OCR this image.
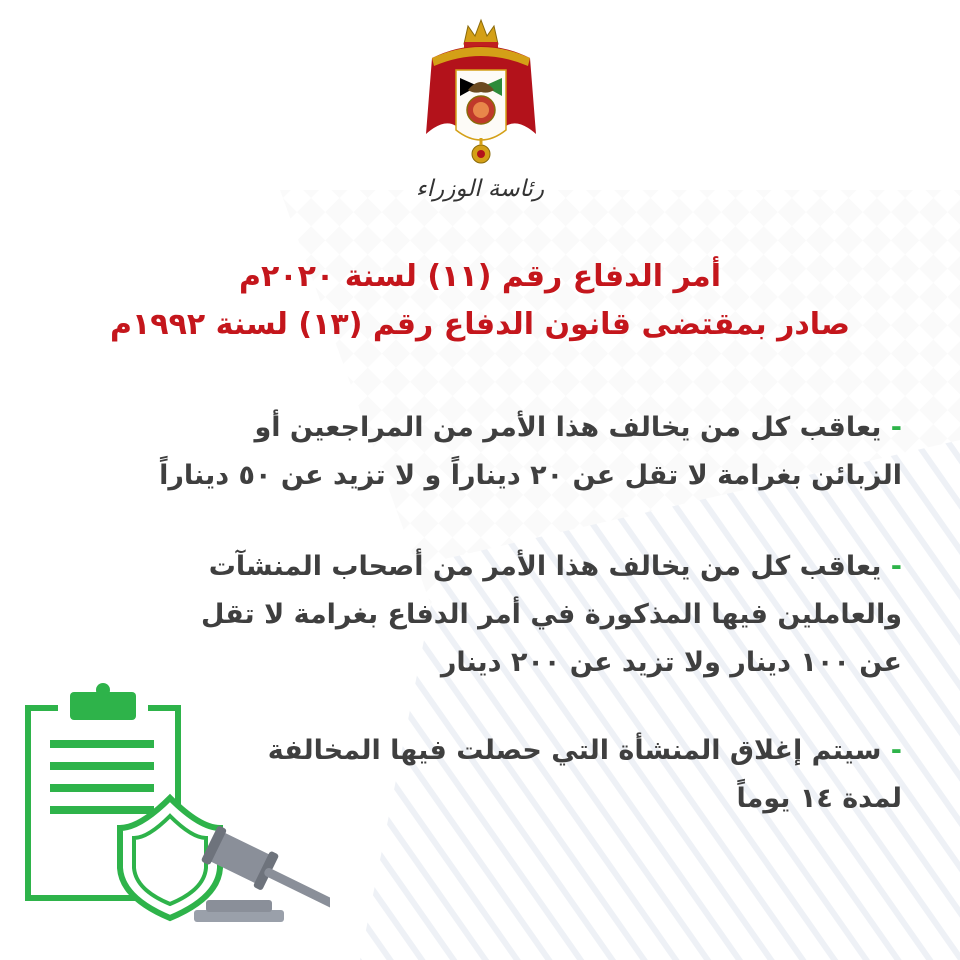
رئاسة الوزراء
أمر الدفاع رقم (١١) لسنة ٢٠٢٠م
صادر بمقتضى قانون الدفاع رقم (١٣) لسنة ١٩٩٢م
- يعاقب كل من يخالف هذا الأمر من المراجعين أو
الزبائن بغرامة لا تقل عن ٢٠ ديناراً و لا تزيد عن ٥٠ ديناراً
- يعاقب كل من يخالف هذا الأمر من أصحاب المنشآت
والعاملين فيها المذكورة في أمر الدفاع بغرامة لا تقل
عن ١٠٠ دينار ولا تزيد عن ٢٠٠ دينار
- سيتم إغلاق المنشأة التي حصلت فيها المخالفة
لمدة ١٤ يوماً
